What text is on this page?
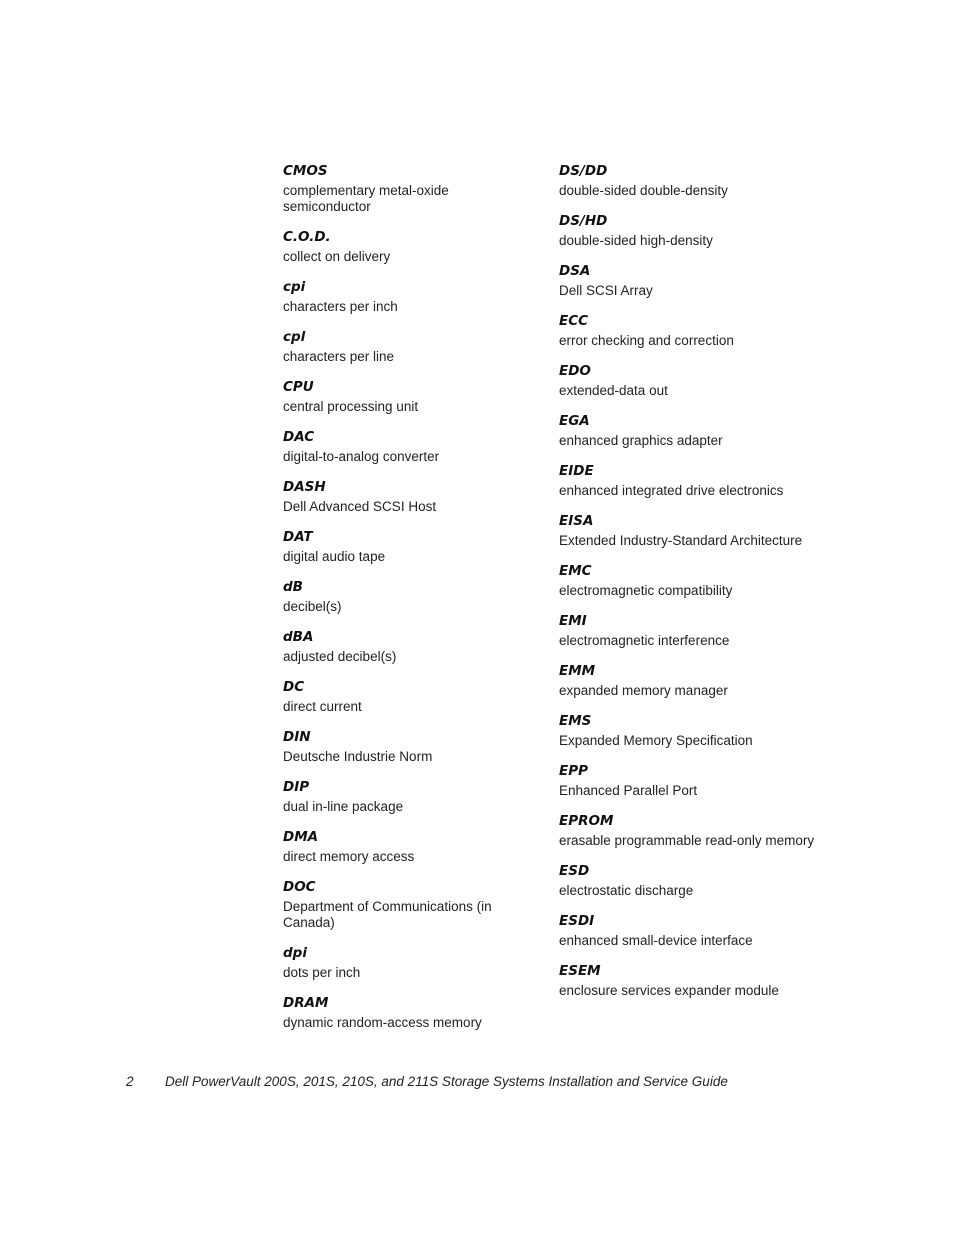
CMOS
complementary metal-oxide semiconductor
C.O.D.
collect on delivery
cpi
characters per inch
cpl
characters per line
CPU
central processing unit
DAC
digital-to-analog converter
DASH
Dell Advanced SCSI Host
DAT
digital audio tape
dB
decibel(s)
dBA
adjusted decibel(s)
DC
direct current
DIN
Deutsche Industrie Norm
DIP
dual in-line package
DMA
direct memory access
DOC
Department of Communications (in Canada)
dpi
dots per inch
DRAM
dynamic random-access memory
DS/DD
double-sided double-density
DS/HD
double-sided high-density
DSA
Dell SCSI Array
ECC
error checking and correction
EDO
extended-data out
EGA
enhanced graphics adapter
EIDE
enhanced integrated drive electronics
EISA
Extended Industry-Standard Architecture
EMC
electromagnetic compatibility
EMI
electromagnetic interference
EMM
expanded memory manager
EMS
Expanded Memory Specification
EPP
Enhanced Parallel Port
EPROM
erasable programmable read-only memory
ESD
electrostatic discharge
ESDI
enhanced small-device interface
ESEM
enclosure services expander module
2 Dell PowerVault 200S, 201S, 210S, and 211S Storage Systems Installation and Service Guide
